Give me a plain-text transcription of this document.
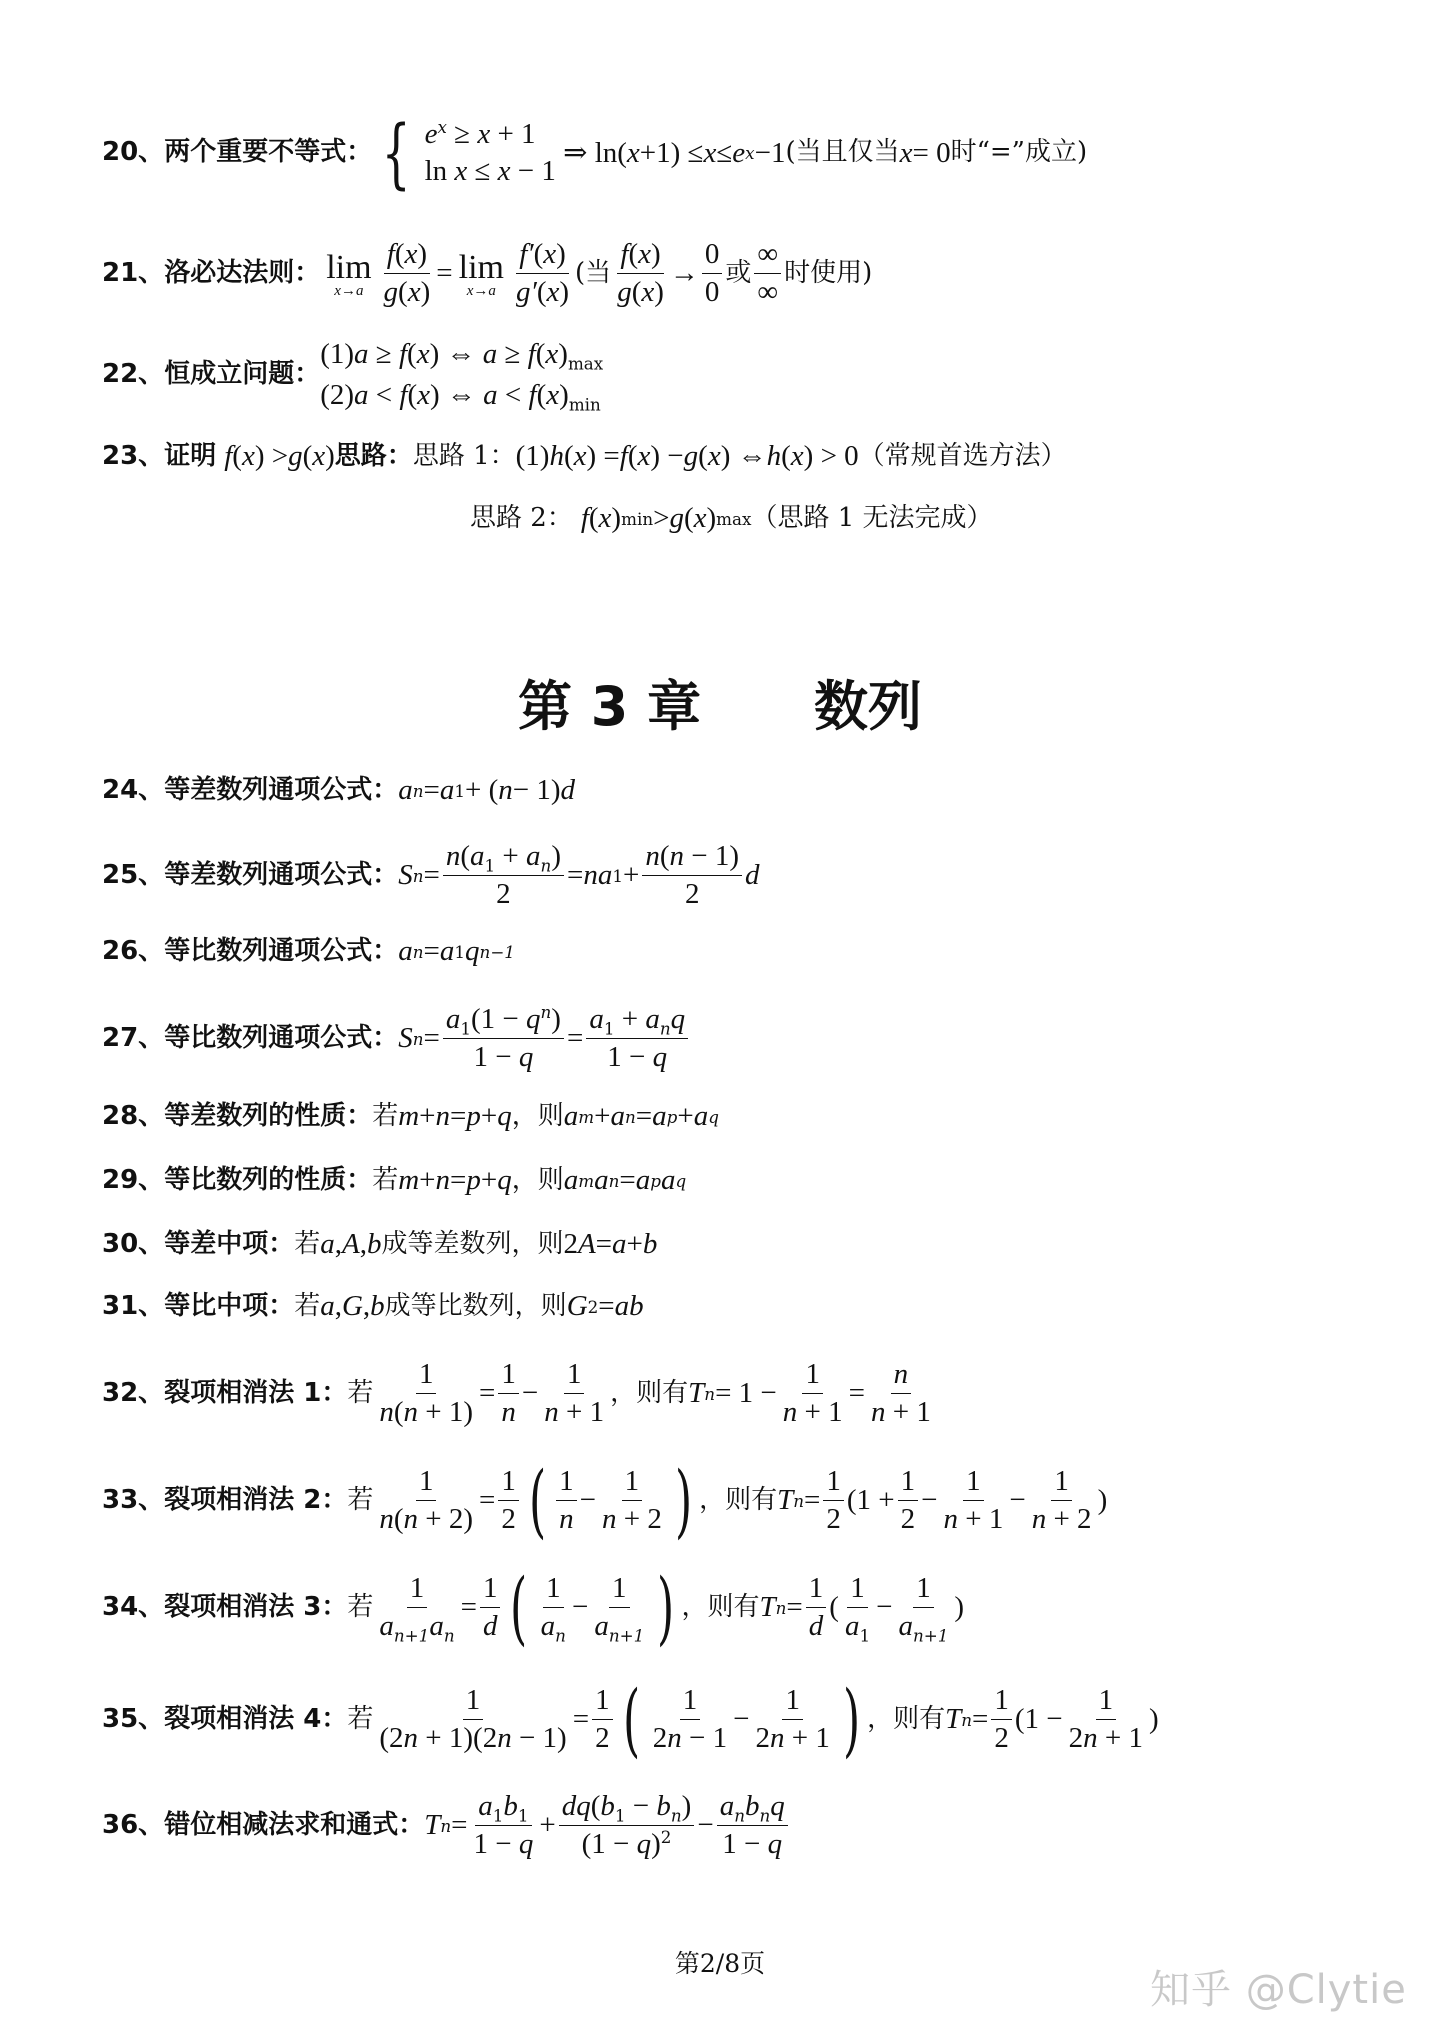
20、 两个重要不等式： { $e^x \ge x + 1$
ln x ≤ x − 1
⇒ ln( x +1) ≤ x ≤ e x −1 (当且仅当 x = 0 时“=”成立)
21、 洛必达法则： lim
$x\to a \frac{f(x)}{g(x)} = \lim$
$x\to a \frac{f'(x)}{g'(x)}$ (当 $\frac{f(x)}{g(x)} \to \frac{0}{0}$ 或 $\frac{\infty}{\infty}$ 时使用)
22、 恒成立问题：
(1)a ≥ f(x) ⇔ $a \ge f(x)_{max}$
(2)a < f(x) ⇔ $a < f(x)_{min}$
23、 证明 f ( x ) > g ( x ) 思路： 思路 1： (1) h ( x ) = f ( x ) − g ( x ) ⇔ h ( x ) > 0 （常规首选方法）
思路 2： f ( x ) min > g ( x ) max （思路 1 无法完成）
第 3 章      数列
24、 等差数列通项公式： a n = a 1 + ( n − 1) d
25、 等差数列通项公式： S $n = \frac{n(a_1 + a_n)}{2}$ = na $1 + \frac{n(n - 1)}{2}$ d
26、 等比数列通项公式： a n = a 1 q n−1
27、 等比数列通项公式： S $n = \frac{a_1(1 - q^n)}{1 - q} = \frac{a_1 + a_nq}{1 - q}$
28、 等差数列的性质： 若 m + n = p + q ，则 a m + a n = a p + a q
29、 等比数列的性质： 若 m + n = p + q ，则 a m a n = a p a q
30、 等差中项： 若 a , A , b 成等差数列，则 2 A = a + b
31、 等比中项： 若 a , G , b 成等比数列，则 G 2 = ab
32、 裂项相消法 1： 若 $\frac{1}{n(n + 1)} = \frac{1}{n} - \frac{1}{n + 1}$ ，则有 T $n = 1 - \frac{1}{n + 1} = \frac{n}{n + 1}$
33、 裂项相消法 2： 若 $\frac{1}{n(n + 2)} = \frac{1}{2}$ ( $\frac{1}{n} - \frac{1}{n + 2}$ ) ，则有 T $n = \frac{1}{2} (1 + \frac{1}{2} - \frac{1}{n + 1} - \frac{1}{n + 2}$ )
34、 裂项相消法 3： 若 $\frac{1}{a_{n+1}a_n} = \frac{1}{d}$ ( $\frac{1}{a_n} - \frac{1}{a_{n+1}}$ ) ，则有 T $n = \frac{1}{d}$ ( $\frac{1}{a_1} - \frac{1}{a_{n+1}}$ )
35、 裂项相消法 4： 若 $\frac{1}{(2n + 1)(2n - 1)} = \frac{1}{2}$ ( $\frac{1}{2n - 1} - \frac{1}{2n + 1}$ ) ，则有 T $n = \frac{1}{2} (1 - \frac{1}{2n + 1}$ )
36、 错位相减法求和通式： T $n = \frac{a_1b_1}{1 - q} + \frac{dq(b_1 - b_n)}{(1 - q)^2} - \frac{a_nb_nq}{1 - q}$
第2/8页
知乎 @Clytie
